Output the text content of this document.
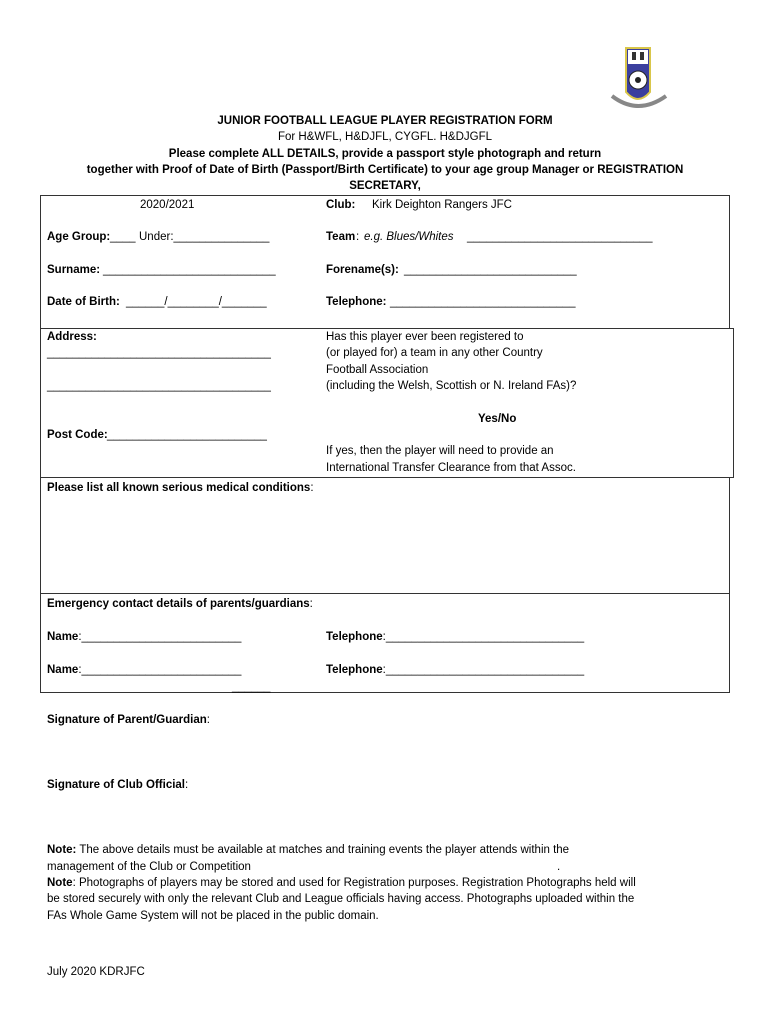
JUNIOR FOOTBALL LEAGUE PLAYER REGISTRATION FORM
For H&WFL, H&DJFL, CYGFL. H&DJGFL
Please complete ALL DETAILS, provide a passport style photograph and return
together with Proof of Date of Birth (Passport/Birth Certificate) to your age group Manager or REGISTRATION
SECRETARY,
2020/2021	Club: Kirk Deighton Rangers JFC
Age Group: ____ Under:_______________	Team : e.g. Blues/Whites _____________________________
Surname: ___________________________	Forename(s): ___________________________
Date of Birth: ______/________/_______	Telephone: _____________________________
Address:
___________________________________
___________________________________
Post Code: _________________________
Has this player ever been registered to
(or played for) a team in any other Country
Football Association
(including the Welsh, Scottish or N. Ireland FAs)?
Yes/No
If yes, then the player will need to provide an
International Transfer Clearance from that Assoc.
Please list all known serious medical conditions:
Emergency contact details of parents/guardians:
Name:_________________________	Telephone:_______________________________
Name:_________________________	Telephone:_______________________________
______
Signature of Parent/Guardian:
Signature of Club Official:
Note: The above details must be available at matches and training events the player attends within the
management of the Club or Competition	.
Note: Photographs of players may be stored and used for Registration purposes. Registration Photographs held will
be stored securely with only the relevant Club and League officials having access. Photographs uploaded within the
FAs Whole Game System will not be placed in the public domain.
July 2020 KDRJFC
